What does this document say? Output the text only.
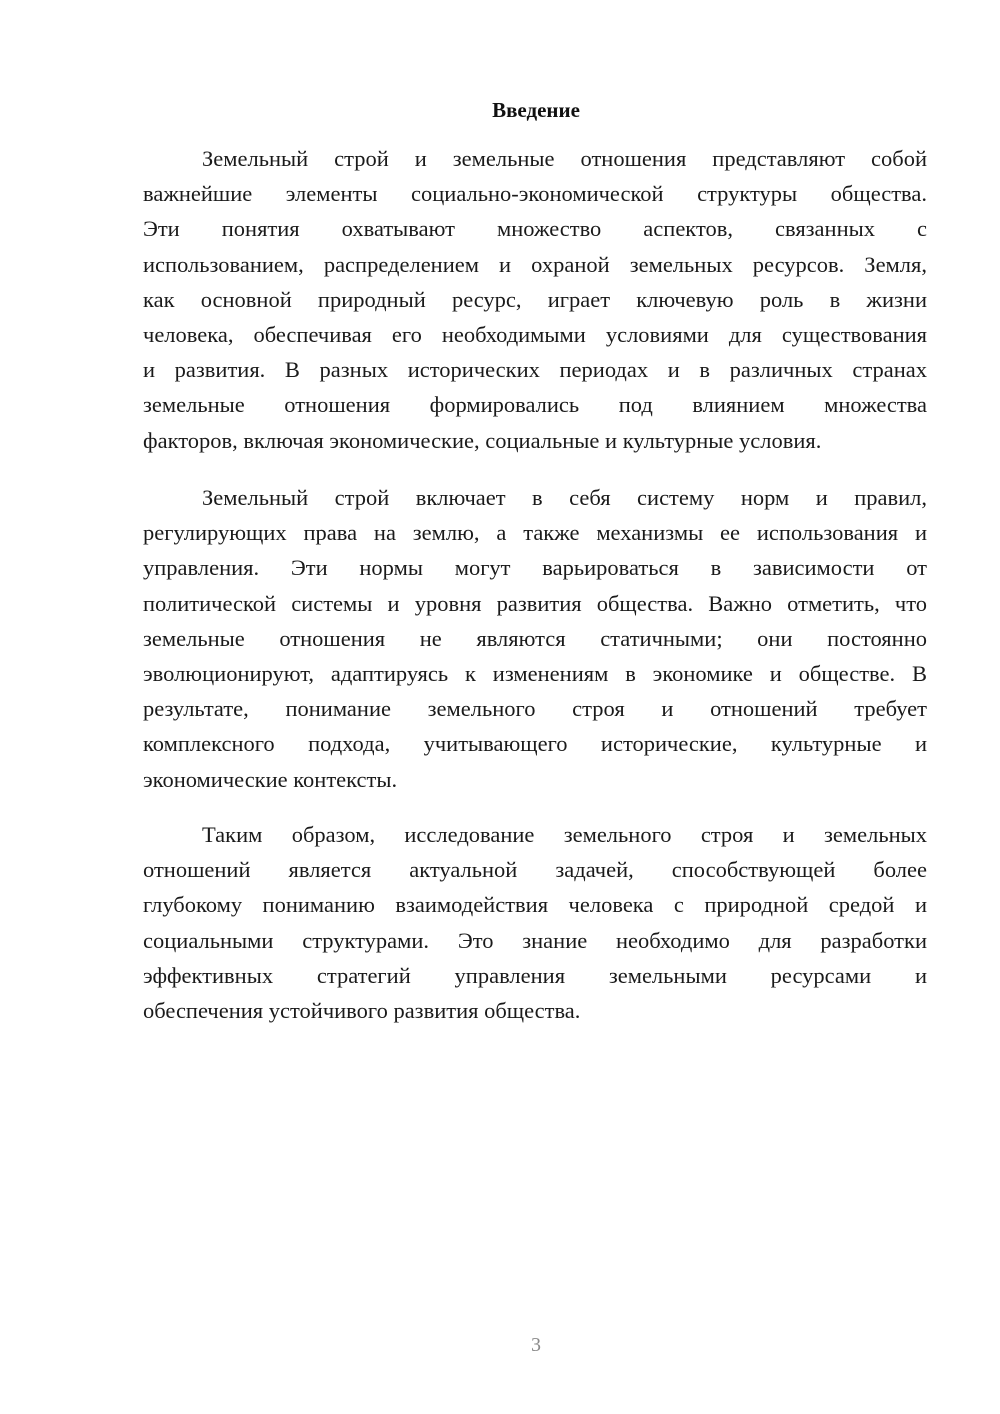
Введение
Земельный строй и земельные отношения представляют собой
важнейшие элементы социально-экономической структуры общества.
Эти понятия охватывают множество аспектов, связанных с
использованием, распределением и охраной земельных ресурсов. Земля,
как основной природный ресурс, играет ключевую роль в жизни
человека, обеспечивая его необходимыми условиями для существования
и развития. В разных исторических периодах и в различных странах
земельные отношения формировались под влиянием множества
факторов, включая экономические, социальные и культурные условия.
Земельный строй включает в себя систему норм и правил,
регулирующих права на землю, а также механизмы ее использования и
управления. Эти нормы могут варьироваться в зависимости от
политической системы и уровня развития общества. Важно отметить, что
земельные отношения не являются статичными; они постоянно
эволюционируют, адаптируясь к изменениям в экономике и обществе. В
результате, понимание земельного строя и отношений требует
комплексного подхода, учитывающего исторические, культурные и
экономические контексты.
Таким образом, исследование земельного строя и земельных
отношений является актуальной задачей, способствующей более
глубокому пониманию взаимодействия человека с природной средой и
социальными структурами. Это знание необходимо для разработки
эффективных стратегий управления земельными ресурсами и
обеспечения устойчивого развития общества.
3
